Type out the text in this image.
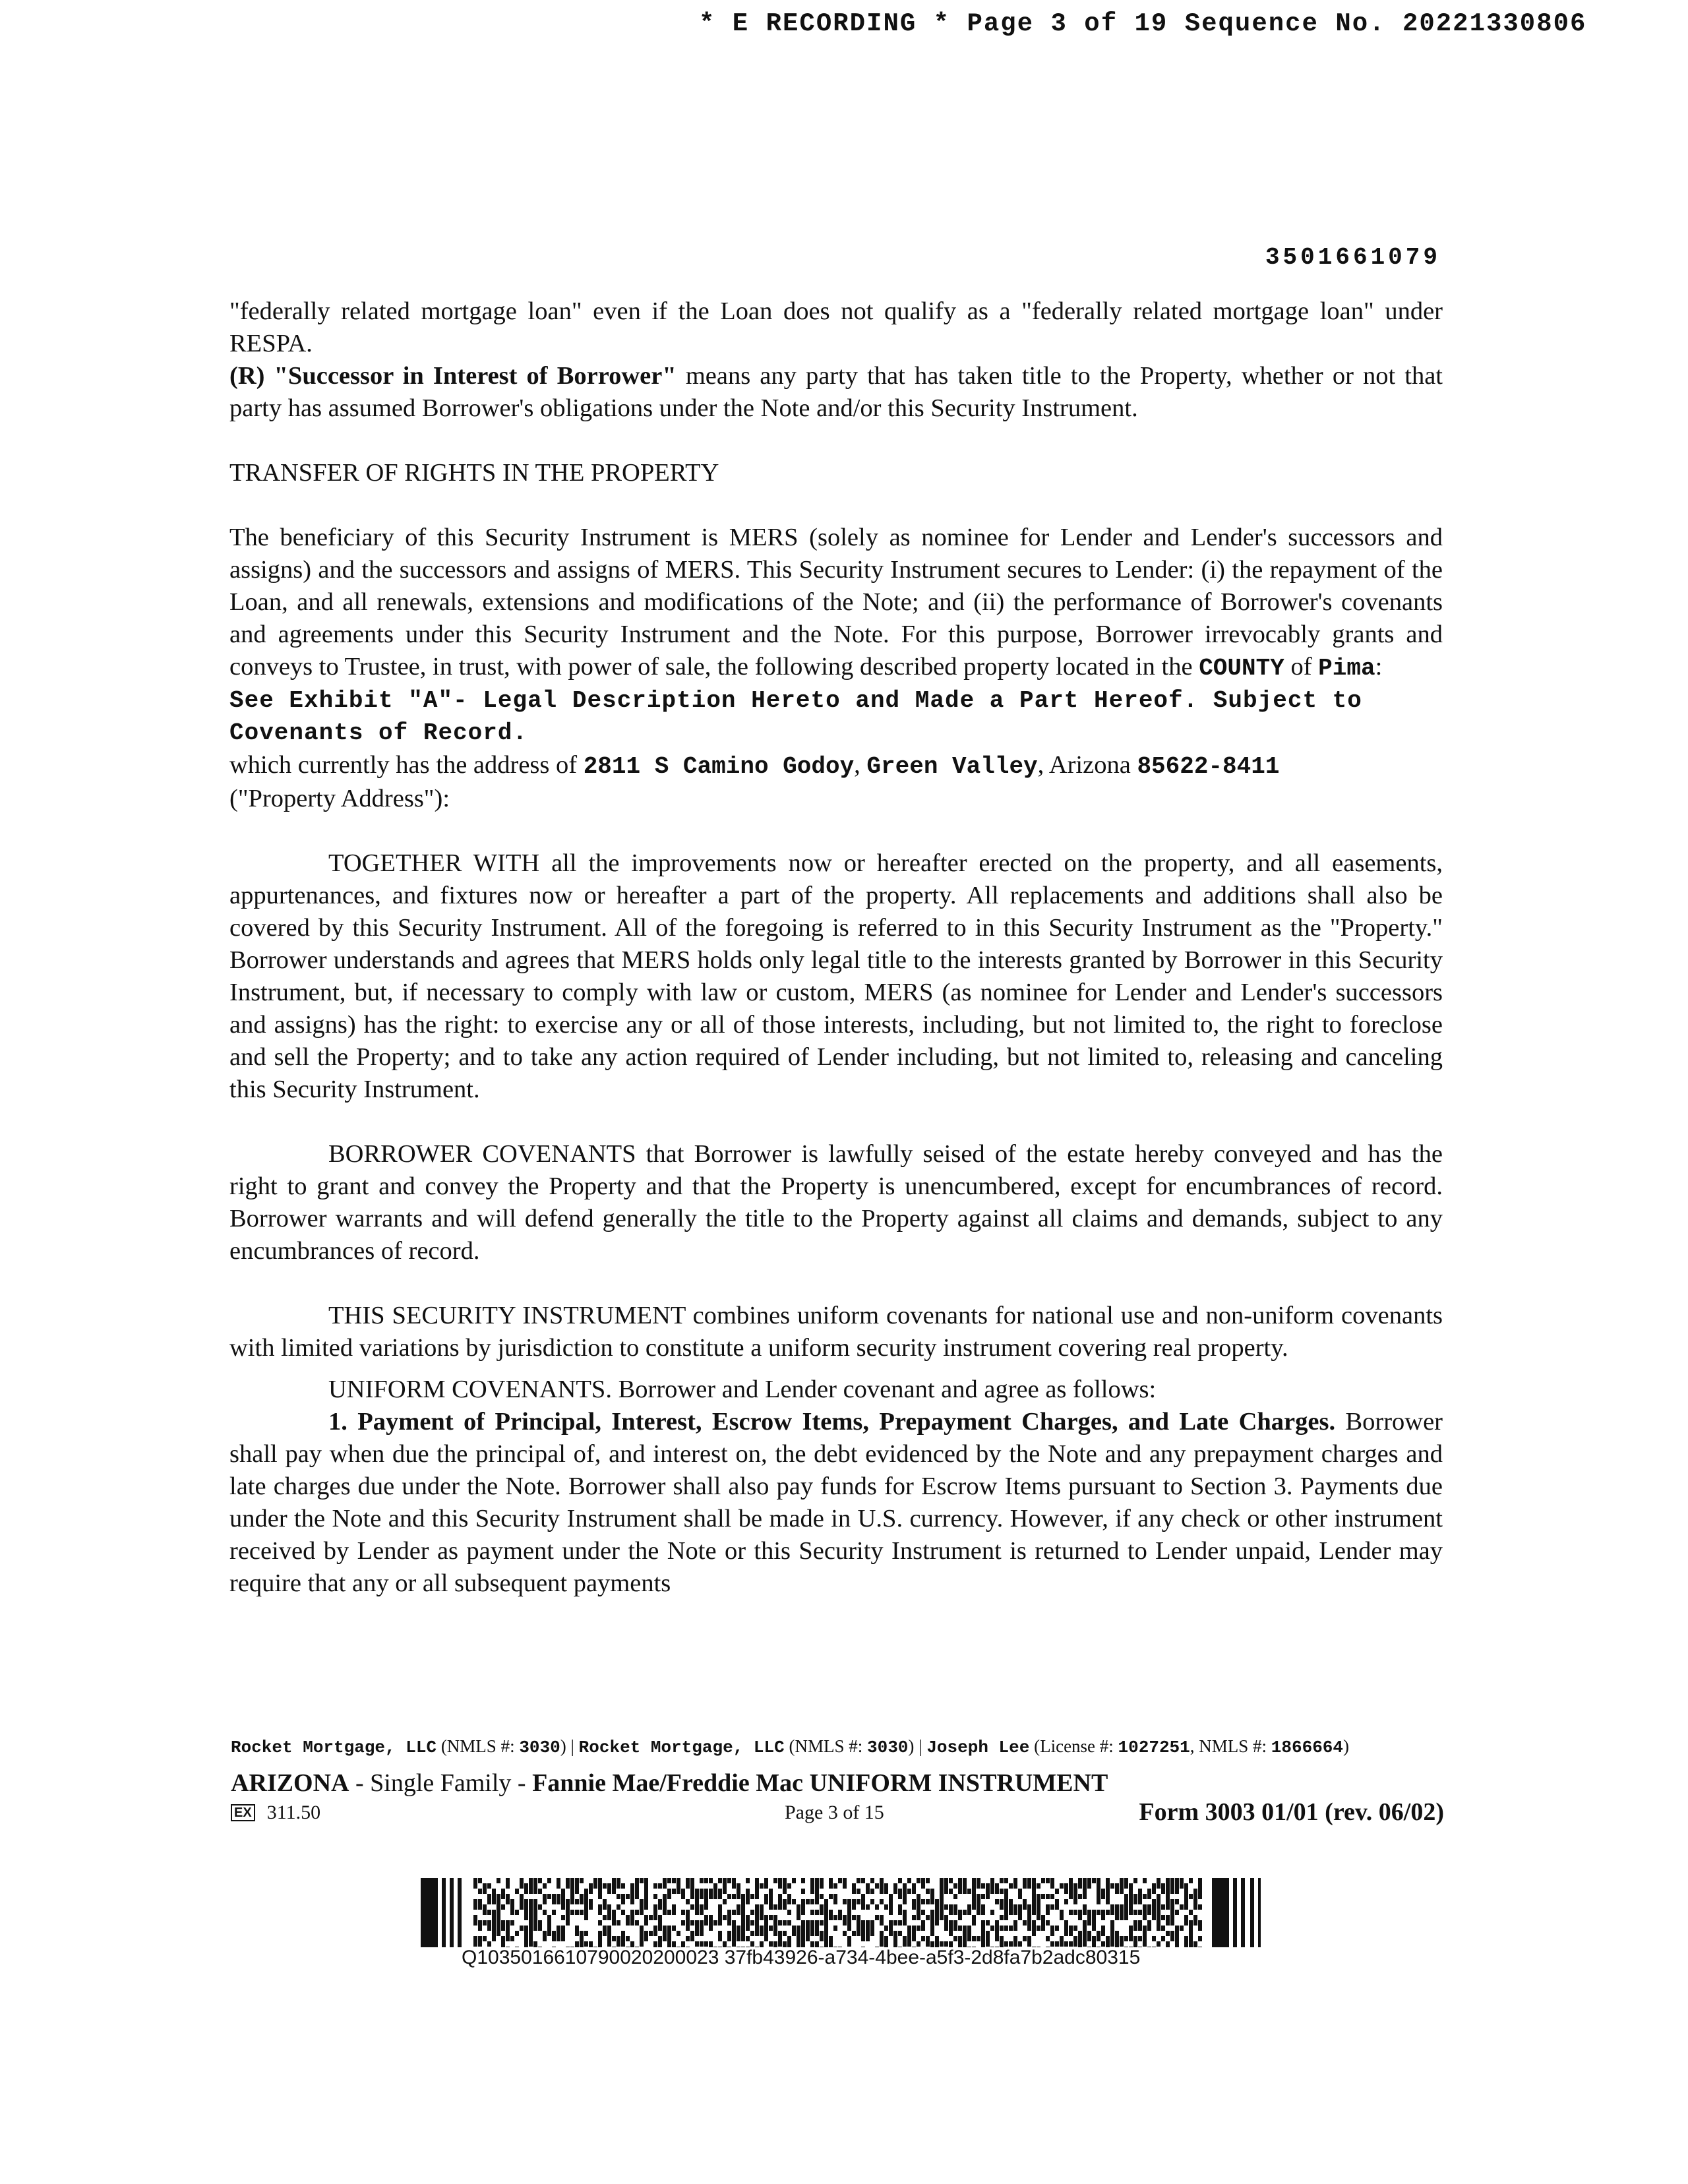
* E RECORDING * Page 3 of 19 Sequence No. 20221330806
3501661079

"federally related mortgage loan" even if the Loan does not qualify as a "federally related mortgage loan" under RESPA.

(R) "Successor in Interest of Borrower" means any party that has taken title to the Property, whether or not that party has assumed Borrower's obligations under the Note and/or this Security Instrument.

TRANSFER OF RIGHTS IN THE PROPERTY

The beneficiary of this Security Instrument is MERS (solely as nominee for Lender and Lender's successors and assigns) and the successors and assigns of MERS. This Security Instrument secures to Lender: (i) the repayment of the Loan, and all renewals, extensions and modifications of the Note; and (ii) the performance of Borrower's covenants and agreements under this Security Instrument and the Note. For this purpose, Borrower irrevocably grants and conveys to Trustee, in trust, with power of sale, the following described property located in the COUNTY of Pima:

See Exhibit "A"- Legal Description Hereto and Made a Part Hereof. Subject to Covenants of Record.

which currently has the address of 2811 S Camino Godoy, Green Valley, Arizona 85622-8411

("Property Address"):

TOGETHER WITH all the improvements now or hereafter erected on the property, and all easements, appurtenances, and fixtures now or hereafter a part of the property. All replacements and additions shall also be covered by this Security Instrument. All of the foregoing is referred to in this Security Instrument as the "Property." Borrower understands and agrees that MERS holds only legal title to the interests granted by Borrower in this Security Instrument, but, if necessary to comply with law or custom, MERS (as nominee for Lender and Lender's successors and assigns) has the right: to exercise any or all of those interests, including, but not limited to, the right to foreclose and sell the Property; and to take any action required of Lender including, but not limited to, releasing and canceling this Security Instrument.

BORROWER COVENANTS that Borrower is lawfully seised of the estate hereby conveyed and has the right to grant and convey the Property and that the Property is unencumbered, except for encumbrances of record. Borrower warrants and will defend generally the title to the Property against all claims and demands, subject to any encumbrances of record.

THIS SECURITY INSTRUMENT combines uniform covenants for national use and non-uniform covenants with limited variations by jurisdiction to constitute a uniform security instrument covering real property.

UNIFORM COVENANTS. Borrower and Lender covenant and agree as follows:

1. Payment of Principal, Interest, Escrow Items, Prepayment Charges, and Late Charges. Borrower shall pay when due the principal of, and interest on, the debt evidenced by the Note and any prepayment charges and late charges due under the Note. Borrower shall also pay funds for Escrow Items pursuant to Section 3. Payments due under the Note and this Security Instrument shall be made in U.S. currency. However, if any check or other instrument received by Lender as payment under the Note or this Security Instrument is returned to Lender unpaid, Lender may require that any or all subsequent payments

Rocket Mortgage, LLC (NMLS #: 3030) | Rocket Mortgage, LLC (NMLS #: 3030) | Joseph Lee (License #: 1027251, NMLS #: 1866664)
ARIZONA - Single Family - Fannie Mae/Freddie Mac UNIFORM INSTRUMENT
EX 311.50	Page 3 of 15	Form 3003 01/01 (rev. 06/02)
Q1035016610790020200023 37fb43926-a734-4bee-a5f3-2d8fa7b2adc80315
